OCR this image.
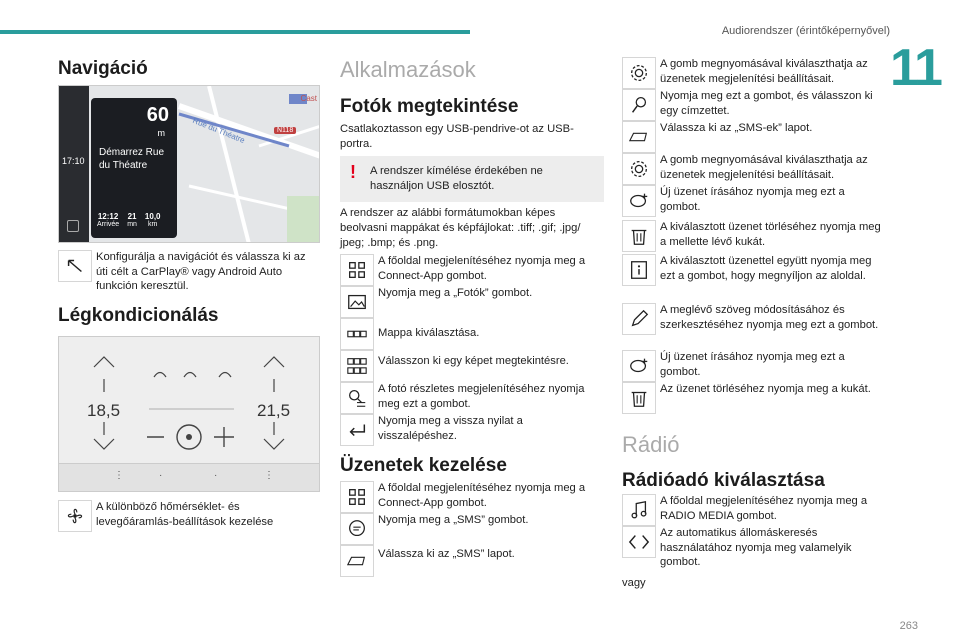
Audiorendszer (érintőképernyővel)
11
Navigáció
17:10
60
m
Démarrez Rue
du Théatre
12:12
Arrivée
21
mn
10,0
km
Rue du Théatre
Cast
N118
Konfigurálja a navigációt és válassza ki az úti célt a CarPlay® vagy Android Auto funkción keresztül.
Légkondicionálás
18,5	21,5
⋮	·	·	⋮
A különböző hőmérséklet- és levegőáramlás-beállítások kezelése
Alkalmazások
Fotók megtekintése
Csatlakoztasson egy USB-pendrive-ot az USB-portra.
!	A rendszer kímélése érdekében ne használjon USB elosztót.
A rendszer az alábbi formátumokban képes beolvasni mappákat és képfájlokat: .tiff; .gif; .jpg/ jpeg; .bmp; és .png.
A főoldal megjelenítéséhez nyomja meg a Connect-App gombot.
Nyomja meg a „Fotók” gombot.
Mappa kiválasztása.
Válasszon ki egy képet megtekintésre.
A fotó részletes megjelenítéséhez nyomja meg ezt a gombot.
Nyomja meg a vissza nyilat a visszalépéshez.
Üzenetek kezelése
A főoldal megjelenítéséhez nyomja meg a Connect-App gombot.
Nyomja meg a „SMS” gombot.
Válassza ki az „SMS” lapot.
A gomb megnyomásával kiválaszthatja az üzenetek megjelenítési beállításait.
Nyomja meg ezt a gombot, és válasszon ki egy címzettet.
Válassza ki az „SMS-ek” lapot.
A gomb megnyomásával kiválaszthatja az üzenetek megjelenítési beállításait.
Új üzenet írásához nyomja meg ezt a gombot.
A kiválasztott üzenet törléséhez nyomja meg a mellette lévő kukát.
A kiválasztott üzenettel együtt nyomja meg ezt a gombot, hogy megnyíljon az aloldal.
A meglévő szöveg módosításához és szerkesztéséhez nyomja meg ezt a gombot.
Új üzenet írásához nyomja meg ezt a gombot.
Az üzenet törléséhez nyomja meg a kukát.
Rádió
Rádióadó kiválasztása
A főoldal megjelenítéséhez nyomja meg a RADIO MEDIA gombot.
Az automatikus állomáskeresés használatához nyomja meg valamelyik gombot.
vagy
263
